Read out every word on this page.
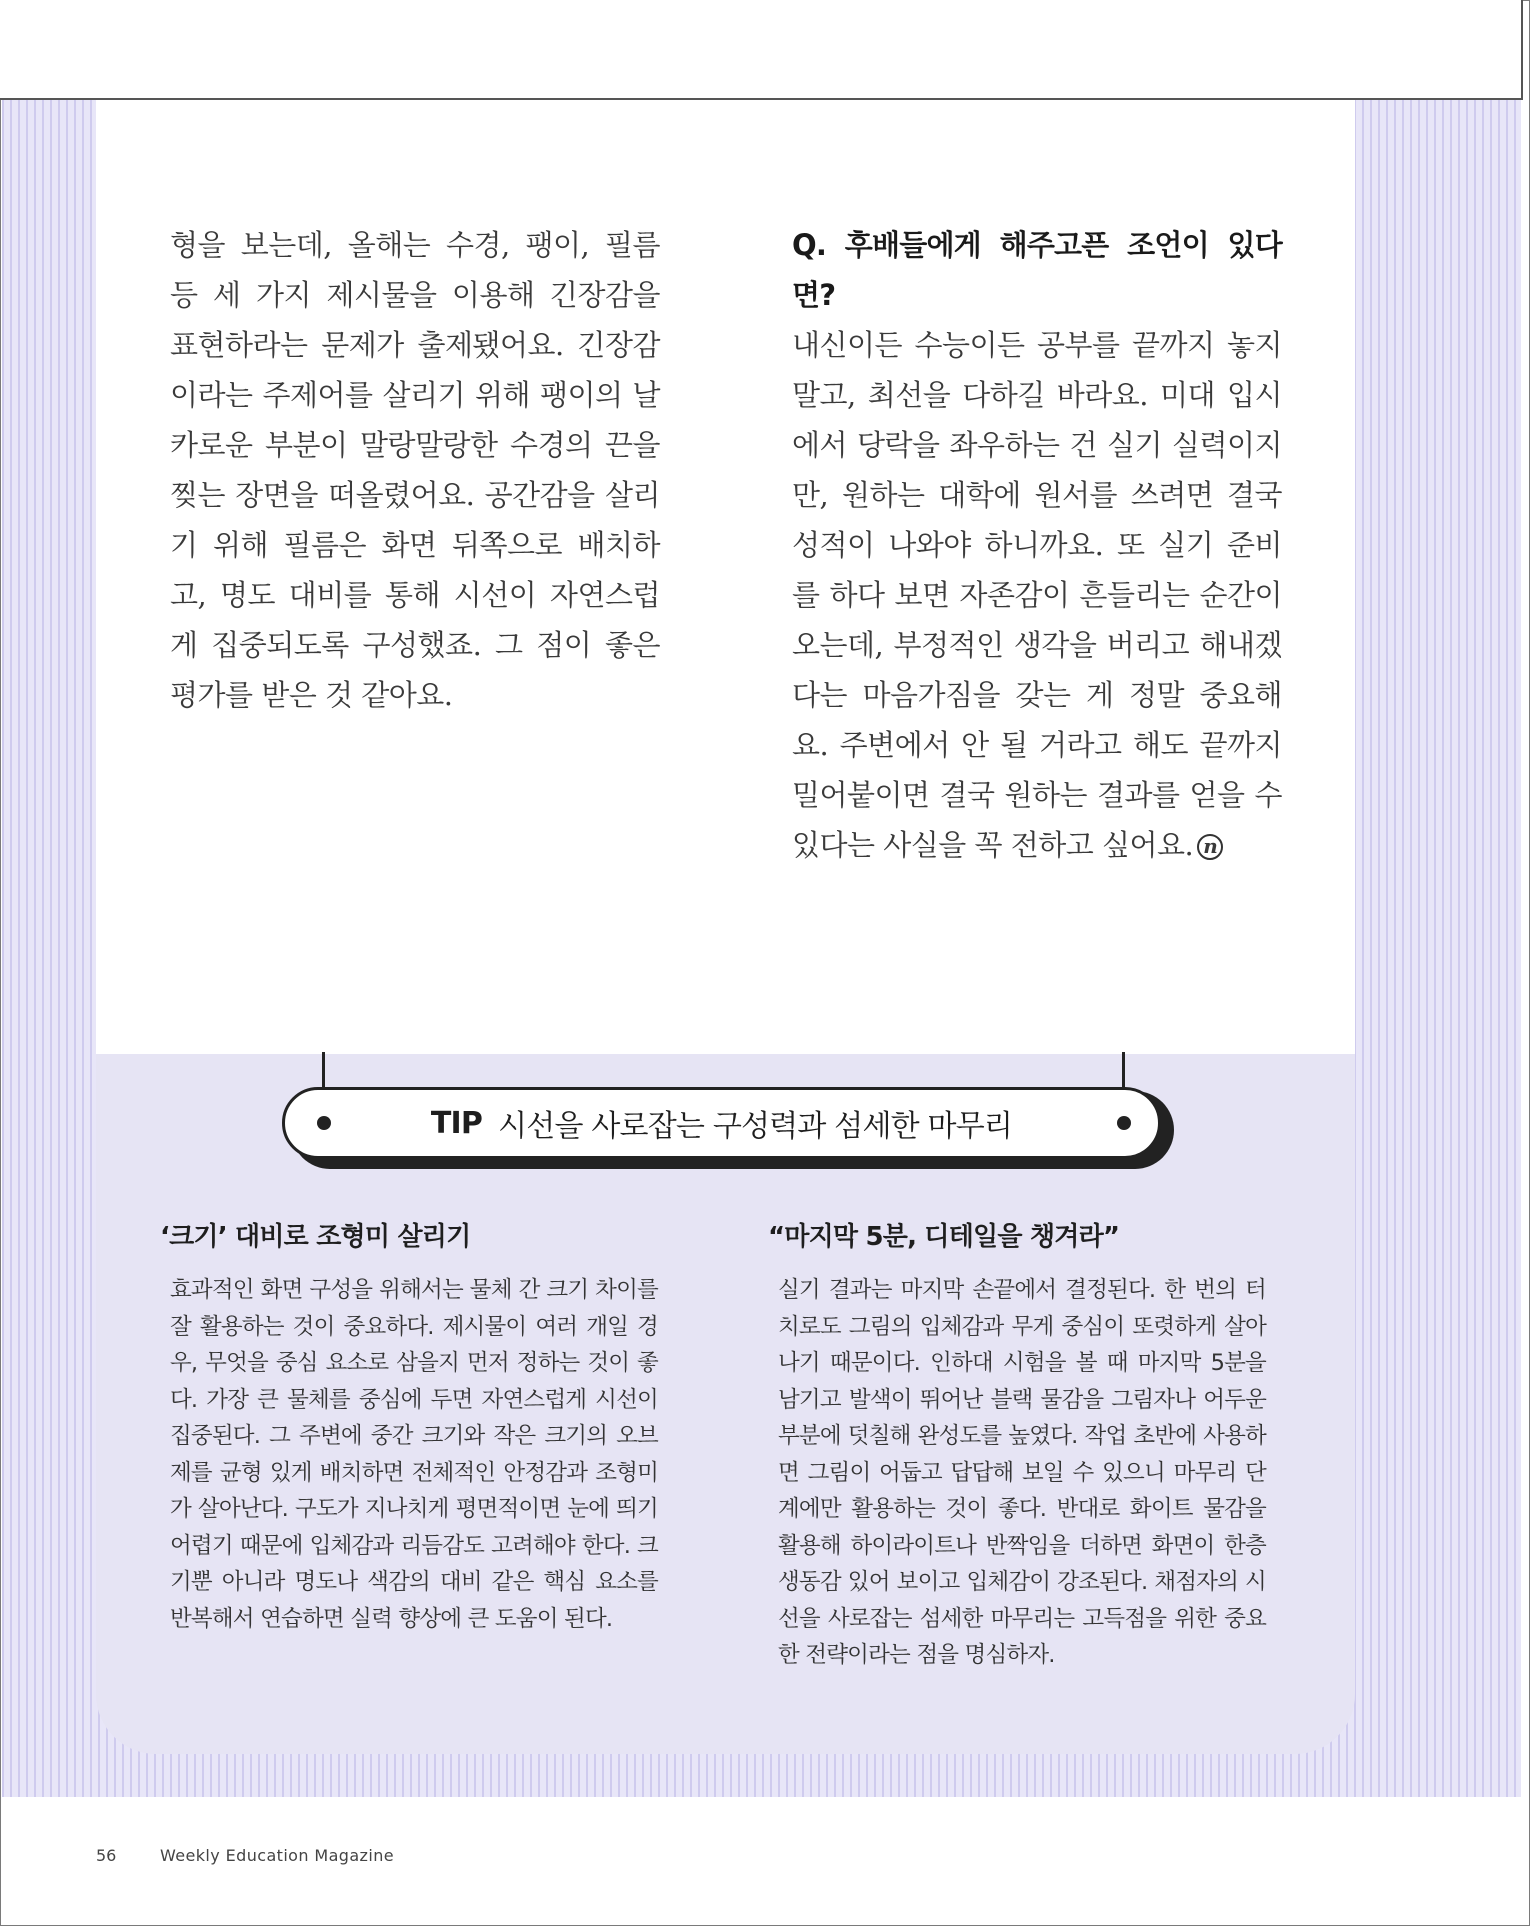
형을 보는데, 올해는 수경, 팽이, 필름 등 세 가지 제시물을 이용해 긴장감을 표현하라는 문제가 출제됐어요. 긴장감이라는 주제어를 살리기 위해 팽이의 날카로운 부분이 말랑말랑한 수경의 끈을 찢는 장면을 떠올렸어요. 공간감을 살리기 위해 필름은 화면 뒤쪽으로 배치하고, 명도 대비를 통해 시선이 자연스럽게 집중되도록 구성했죠. 그 점이 좋은 평가를 받은 것 같아요.
Q. 후배들에게 해주고픈 조언이 있다면?
내신이든 수능이든 공부를 끝까지 놓지 말고, 최선을 다하길 바라요. 미대 입시에서 당락을 좌우하는 건 실기 실력이지만, 원하는 대학에 원서를 쓰려면 결국 성적이 나와야 하니까요. 또 실기 준비를 하다 보면 자존감이 흔들리는 순간이 오는데, 부정적인 생각을 버리고 해내겠다는 마음가짐을 갖는 게 정말 중요해요. 주변에서 안 될 거라고 해도 끝까지 밀어붙이면 결국 원하는 결과를 얻을 수 있다는 사실을 꼭 전하고 싶어요. n
TIP 시선을 사로잡는 구성력과 섬세한 마무리
‘크기’ 대비로 조형미 살리기
효과적인 화면 구성을 위해서는 물체 간 크기 차이를 잘 활용하는 것이 중요하다. 제시물이 여러 개일 경우, 무엇을 중심 요소로 삼을지 먼저 정하는 것이 좋다. 가장 큰 물체를 중심에 두면 자연스럽게 시선이 집중된다. 그 주변에 중간 크기와 작은 크기의 오브제를 균형 있게 배치하면 전체적인 안정감과 조형미가 살아난다. 구도가 지나치게 평면적이면 눈에 띄기 어렵기 때문에 입체감과 리듬감도 고려해야 한다. 크기뿐 아니라 명도나 색감의 대비 같은 핵심 요소를 반복해서 연습하면 실력 향상에 큰 도움이 된다.
“마지막 5분, 디테일을 챙겨라”
실기 결과는 마지막 손끝에서 결정된다. 한 번의 터치로도 그림의 입체감과 무게 중심이 또렷하게 살아나기 때문이다. 인하대 시험을 볼 때 마지막 5분을 남기고 발색이 뛰어난 블랙 물감을 그림자나 어두운 부분에 덧칠해 완성도를 높였다. 작업 초반에 사용하면 그림이 어둡고 답답해 보일 수 있으니 마무리 단계에만 활용하는 것이 좋다. 반대로 화이트 물감을 활용해 하이라이트나 반짝임을 더하면 화면이 한층 생동감 있어 보이고 입체감이 강조된다. 채점자의 시선을 사로잡는 섬세한 마무리는 고득점을 위한 중요한 전략이라는 점을 명심하자.
56	Weekly Education Magazine
